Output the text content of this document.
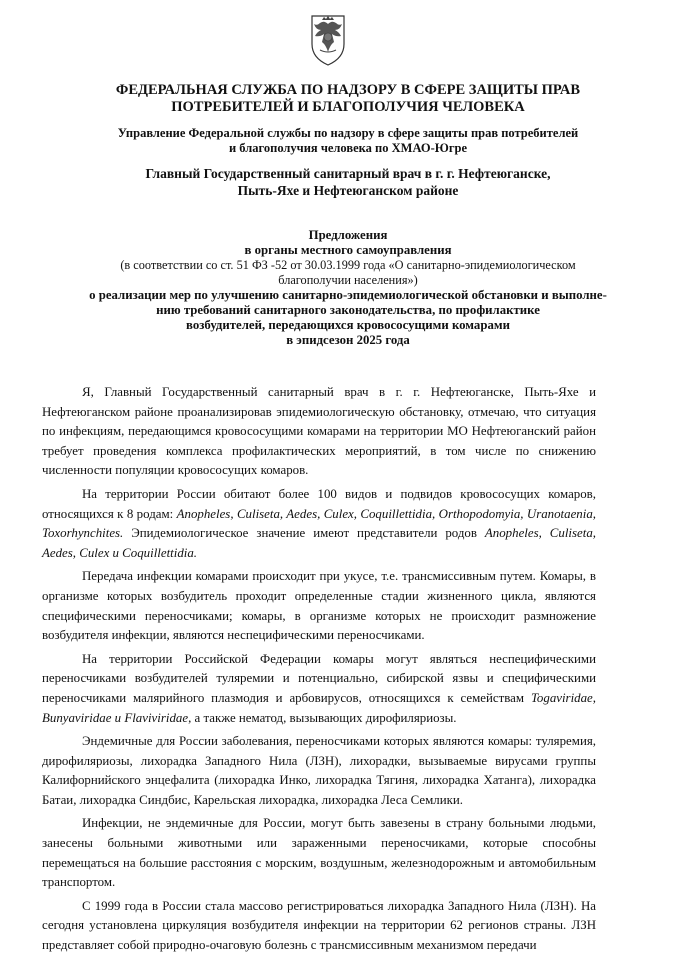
ФЕДЕРАЛЬНАЯ СЛУЖБА ПО НАДЗОРУ В СФЕРЕ ЗАЩИТЫ ПРАВ
ПОТРЕБИТЕЛЕЙ И БЛАГОПОЛУЧИЯ ЧЕЛОВЕКА
Управление Федеральной службы по надзору в сфере защиты прав потребителей
и благополучия человека по ХМАО-Югре
Главный Государственный санитарный врач в г. г. Нефтеюганске,
Пыть-Яхе и Нефтеюганском районе
Предложения
в органы местного самоуправления
(в соответствии со ст. 51 ФЗ -52 от 30.03.1999 года «О санитарно-эпидемиологическом
благополучии населения»)
о реализации мер по улучшению санитарно-эпидемиологической обстановки и выполне-
нию требований санитарного законодательства, по профилактике
возбудителей, передающихся кровососущими комарами
в эпидсезон 2025 года

Я, Главный Государственный санитарный врач в г. г. Нефтеюганске, Пыть-Яхе и Нефтеюганском районе проанализировав эпидемиологическую обстановку, отмечаю, что ситуация по инфекциям, передающимся кровососущими комарами на территории МО Нефтеюганский район требует проведения комплекса профилактических мероприятий, в том числе по снижению численности популяции кровососущих комаров.

На территории России обитают более 100 видов и подвидов кровососущих комаров, относящихся к 8 родам: Anopheles, Culiseta, Aedes, Culex, Coquillettidia, Orthopodomyia, Uranotaenia, Toxorhynchites. Эпидемиологическое значение имеют представители родов Anopheles, Culiseta, Aedes, Culex и Coquillettidia.

Передача инфекции комарами происходит при укусе, т.е. трансмиссивным путем. Комары, в организме которых возбудитель проходит определенные стадии жизненного цикла, являются специфическими переносчиками; комары, в организме которых не происходит размножение возбудителя инфекции, являются неспецифическими переносчиками.

На территории Российской Федерации комары могут являться неспецифическими переносчиками возбудителей туляремии и потенциально, сибирской язвы и специфическими переносчиками малярийного плазмодия и арбовирусов, относящихся к семействам Togaviridae, Bunyaviridae и Flaviviridae, а также нематод, вызывающих дирофиляриозы.

Эндемичные для России заболевания, переносчиками которых являются комары: туляремия, дирофиляриозы, лихорадка Западного Нила (ЛЗН), лихорадки, вызываемые вирусами группы Калифорнийского энцефалита (лихорадка Инко, лихорадка Тягиня, лихорадка Хатанга), лихорадка Батаи, лихорадка Синдбис, Карельская лихорадка, лихорадка Леса Семлики.

Инфекции, не эндемичные для России, могут быть завезены в страну больными людьми, занесены больными животными или зараженными переносчиками, которые способны перемещаться на большие расстояния с морским, воздушным, железнодорожным и автомобильным транспортом.

С 1999 года в России стала массово регистрироваться лихорадка Западного Нила (ЛЗН). На сегодня установлена циркуляция возбудителя инфекции на территории 62 регионов страны. ЛЗН представляет собой природно-очаговую болезнь с трансмиссивным механизмом передачи
